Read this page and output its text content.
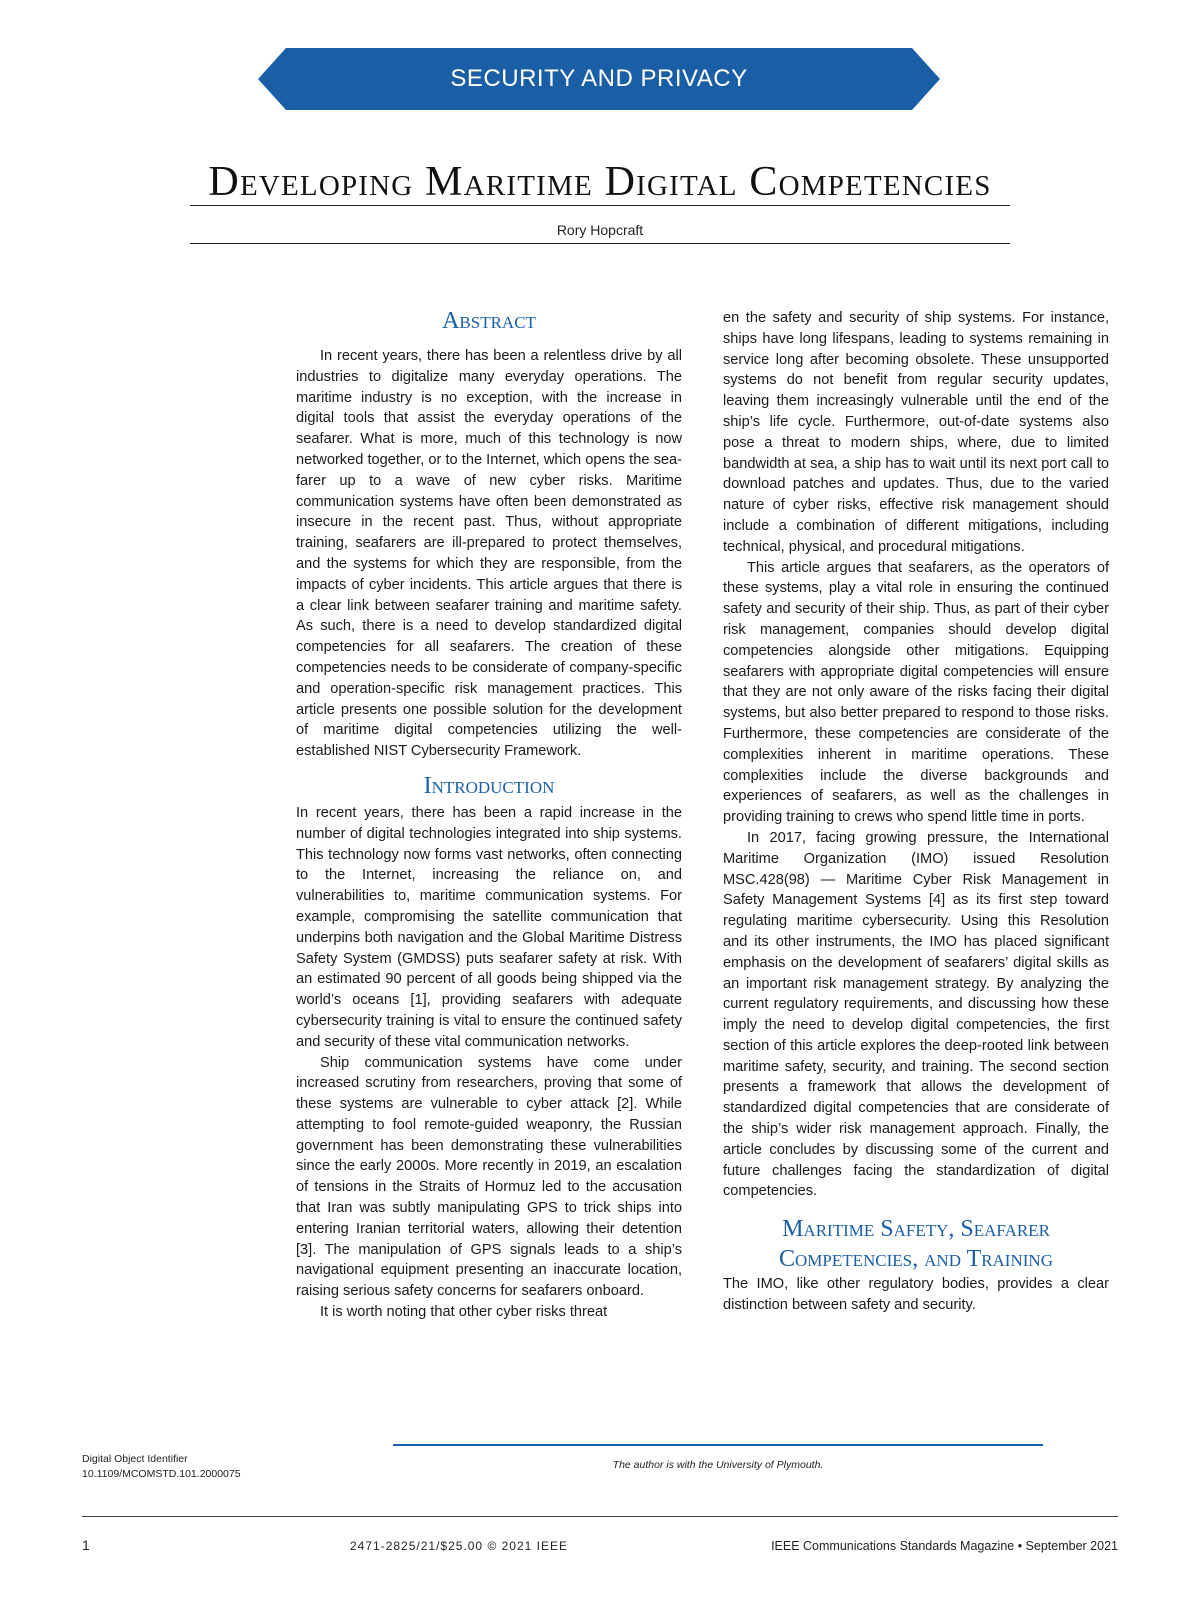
SECURITY AND PRIVACY
Developing Maritime Digital Competencies
Rory Hopcraft
Abstract

In recent years, there has been a relentless drive by all industries to digitalize many everyday operations. The maritime industry is no exception, with the increase in digital tools that assist the everyday operations of the seafarer. What is more, much of this technology is now networked together, or to the Internet, which opens the seafarer up to a wave of new cyber risks. Maritime communication systems have often been demonstrated as insecure in the recent past. Thus, without appropriate training, seafarers are ill-prepared to protect themselves, and the systems for which they are responsible, from the impacts of cyber incidents. This article argues that there is a clear link between seafarer training and maritime safety. As such, there is a need to develop standardized digital competencies for all seafarers. The creation of these competencies needs to be considerate of company-specific and operation-specific risk management practices. This article presents one possible solution for the development of maritime digital competencies utilizing the well-established NIST Cybersecurity Framework.

Introduction

In recent years, there has been a rapid increase in the number of digital technologies integrated into ship systems. This technology now forms vast networks, often connecting to the Internet, increasing the reliance on, and vulnerabilities to, maritime communication systems. For example, compromising the satellite communication that underpins both navigation and the Global Maritime Distress Safety System (GMDSS) puts seafarer safety at risk. With an estimated 90 percent of all goods being shipped via the world’s oceans [1], providing seafarers with adequate cybersecurity training is vital to ensure the continued safety and security of these vital communication networks.

Ship communication systems have come under increased scrutiny from researchers, proving that some of these systems are vulnerable to cyber attack [2]. While attempting to fool remote-guided weaponry, the Russian government has been demonstrating these vulnerabilities since the early 2000s. More recently in 2019, an escalation of tensions in the Straits of Hormuz led to the accusation that Iran was subtly manipulating GPS to trick ships into entering Iranian territorial waters, allowing their detention [3]. The manipulation of GPS signals leads to a ship’s navigational equipment presenting an inaccurate location, raising serious safety concerns for seafarers onboard.

It is worth noting that other cyber risks threat

en the safety and security of ship systems. For instance, ships have long lifespans, leading to systems remaining in service long after becoming obsolete. These unsupported systems do not benefit from regular security updates, leaving them increasingly vulnerable until the end of the ship’s life cycle. Furthermore, out-of-date systems also pose a threat to modern ships, where, due to limited bandwidth at sea, a ship has to wait until its next port call to download patches and updates. Thus, due to the varied nature of cyber risks, effective risk management should include a combination of different mitigations, including technical, physical, and procedural mitigations.

This article argues that seafarers, as the operators of these systems, play a vital role in ensuring the continued safety and security of their ship. Thus, as part of their cyber risk management, companies should develop digital competencies alongside other mitigations. Equipping seafarers with appropriate digital competencies will ensure that they are not only aware of the risks facing their digital systems, but also better prepared to respond to those risks. Furthermore, these competencies are considerate of the complexities inherent in maritime operations. These complexities include the diverse backgrounds and experiences of seafarers, as well as the challenges in providing training to crews who spend little time in ports.

In 2017, facing growing pressure, the International Maritime Organization (IMO) issued Resolution MSC.428(98) — Maritime Cyber Risk Management in Safety Management Systems [4] as its first step toward regulating maritime cybersecurity. Using this Resolution and its other instruments, the IMO has placed significant emphasis on the development of seafarers’ digital skills as an important risk management strategy. By analyzing the current regulatory requirements, and discussing how these imply the need to develop digital competencies, the first section of this article explores the deep-rooted link between maritime safety, security, and training. The second section presents a framework that allows the development of standardized digital competencies that are considerate of the ship’s wider risk management approach. Finally, the article concludes by discussing some of the current and future challenges facing the standardization of digital competencies.

Maritime Safety, Seafarer Competencies, and Training

The IMO, like other regulatory bodies, provides a clear distinction between safety and security.

Digital Object Identifier
10.1109/MCOMSTD.101.2000075
The author is with the University of Plymouth.
1	2471-2825/21/$25.00 © 2021 IEEE	IEEE Communications Standards Magazine • September 2021
